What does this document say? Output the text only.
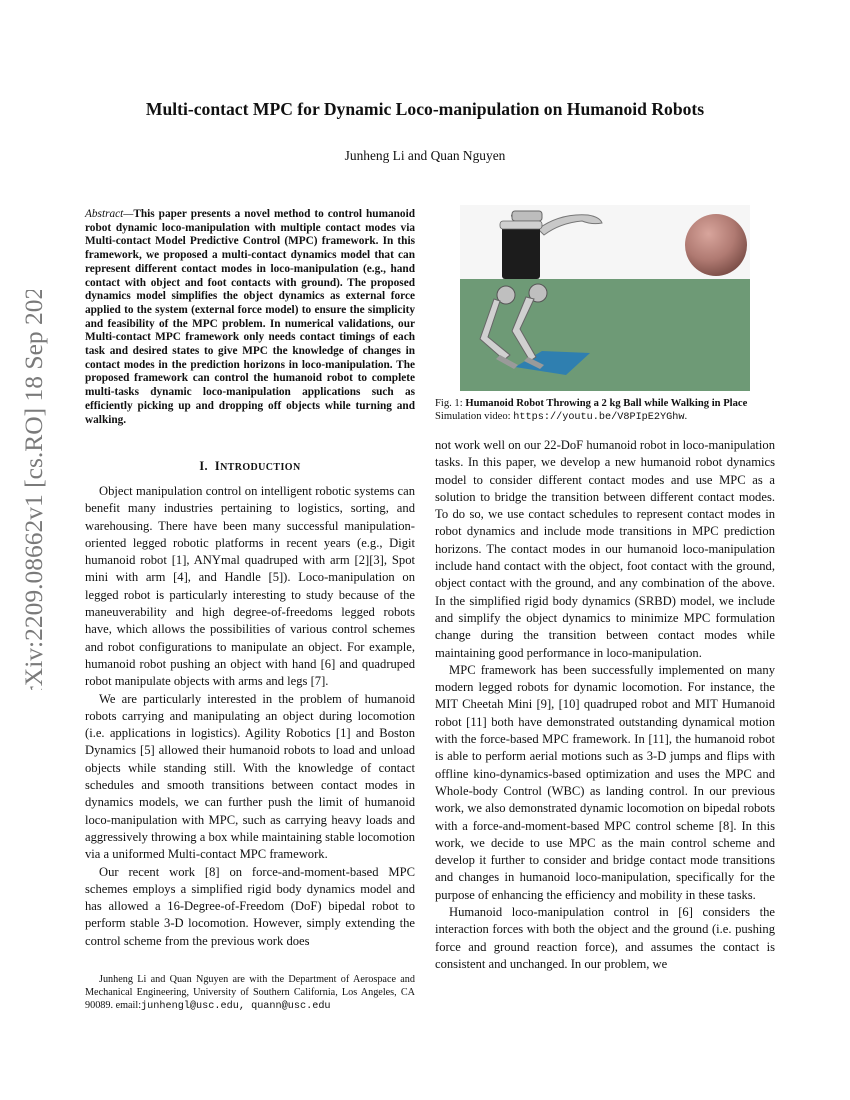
arXiv:2209.08662v1 [cs.RO] 18 Sep 2022
Multi-contact MPC for Dynamic Loco-manipulation on Humanoid Robots

Junheng Li and Quan Nguyen

Abstract—This paper presents a novel method to control humanoid robot dynamic loco-manipulation with multiple contact modes via Multi-contact Model Predictive Control (MPC) framework. In this framework, we proposed a multi-contact dynamics model that can represent different contact modes in loco-manipulation (e.g., hand contact with object and foot contacts with ground). The proposed dynamics model simplifies the object dynamics as external force applied to the system (external force model) to ensure the simplicity and feasibility of the MPC problem. In numerical validations, our Multi-contact MPC framework only needs contact timings of each task and desired states to give MPC the knowledge of changes in contact modes in the prediction horizons in loco-manipulation. The proposed framework can control the humanoid robot to complete multi-tasks dynamic loco-manipulation applications such as efficiently picking up and dropping off objects while turning and walking.

I. INTRODUCTION

Object manipulation control on intelligent robotic systems can benefit many industries pertaining to logistics, sorting, and warehousing. There have been many successful manipulation-oriented legged robotic platforms in recent years (e.g., Digit humanoid robot [1], ANYmal quadruped with arm [2][3], Spot mini with arm [4], and Handle [5]). Loco-manipulation on legged robot is particularly interesting to study because of the maneuverability and high degree-of-freedoms legged robots have, which allows the possibilities of various control schemes and robot configurations to manipulate an object. For example, humanoid robot pushing an object with hand [6] and quadruped robot manipulate objects with arms and legs [7].

We are particularly interested in the problem of humanoid robots carrying and manipulating an object during locomotion (i.e. applications in logistics). Agility Robotics [1] and Boston Dynamics [5] allowed their humanoid robots to load and unload objects while standing still. With the knowledge of contact schedules and smooth transitions between contact modes in dynamics models, we can further push the limit of humanoid loco-manipulation with MPC, such as carrying heavy loads and aggressively throwing a box while maintaining stable locomotion via a uniformed Multi-contact MPC framework.

Our recent work [8] on force-and-moment-based MPC schemes employs a simplified rigid body dynamics model and has allowed a 16-Degree-of-Freedom (DoF) bipedal robot to perform stable 3-D locomotion. However, simply extending the control scheme from the previous work does

Junheng Li and Quan Nguyen are with the Department of Aerospace and Mechanical Engineering, University of Southern California, Los Angeles, CA 90089. email:junhengl@usc.edu, quann@usc.edu

Fig. 1: Humanoid Robot Throwing a 2 kg Ball while Walking in Place
Simulation video: https://youtu.be/V8PIpE2YGhw.

not work well on our 22-DoF humanoid robot in loco-manipulation tasks. In this paper, we develop a new humanoid robot dynamics model to consider different contact modes and use MPC as a solution to bridge the transition between different contact modes. To do so, we use contact schedules to represent contact modes in robot dynamics and include mode transitions in MPC prediction horizons. The contact modes in our humanoid loco-manipulation include hand contact with the object, foot contact with the ground, object contact with the ground, and any combination of the above. In the simplified rigid body dynamics (SRBD) model, we include and simplify the object dynamics to minimize MPC formulation change during the transition between contact modes while maintaining good performance in loco-manipulation.

MPC framework has been successfully implemented on many modern legged robots for dynamic locomotion. For instance, the MIT Cheetah Mini [9], [10] quadruped robot and MIT Humanoid robot [11] both have demonstrated outstanding dynamical motion with the force-based MPC framework. In [11], the humanoid robot is able to perform aerial motions such as 3-D jumps and flips with offline kino-dynamics-based optimization and uses the MPC and Whole-body Control (WBC) as landing control. In our previous work, we also demonstrated dynamic locomotion on bipedal robots with a force-and-moment-based MPC control scheme [8]. In this work, we decide to use MPC as the main control scheme and develop it further to consider and bridge contact mode transitions and changes in humanoid loco-manipulation, specifically for the purpose of enhancing the efficiency and mobility in these tasks.

Humanoid loco-manipulation control in [6] considers the interaction forces with both the object and the ground (i.e. pushing force and ground reaction force), and assumes the contact is consistent and unchanged. In our problem, we
